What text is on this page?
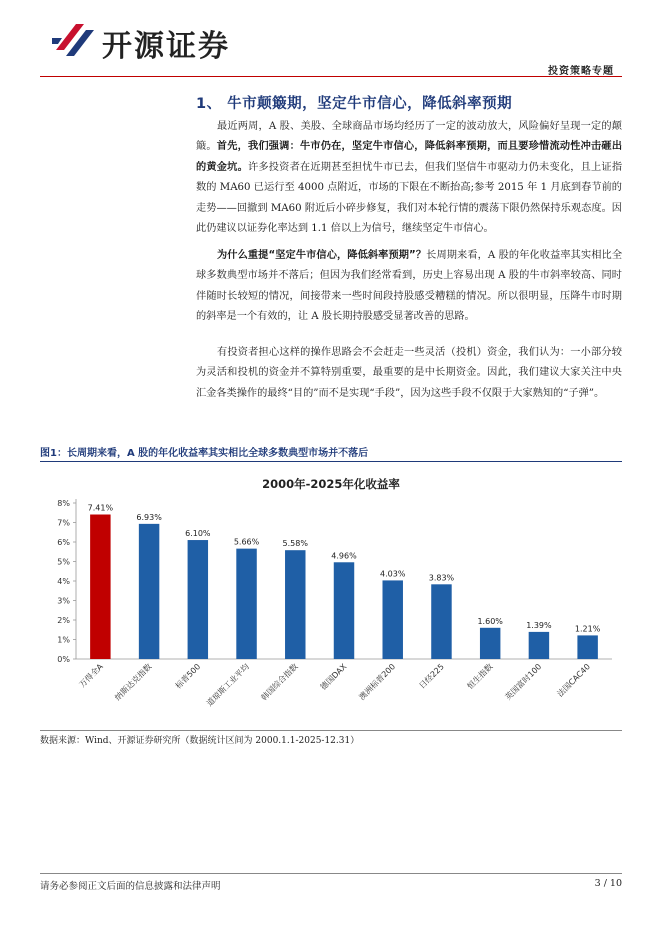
开源证券
投资策略专题
1、 牛市颠簸期，坚定牛市信心，降低斜率预期

最近两周，A 股、美股、全球商品市场均经历了一定的波动放大，风险偏好呈现一定的颠簸。首先，我们强调：牛市仍在，坚定牛市信心，降低斜率预期，而且要珍惜流动性冲击砸出的黄金坑。许多投资者在近期甚至担忧牛市已去，但我们坚信牛市驱动力仍未变化，且上证指数的 MA60 已运行至 4000 点附近，市场的下限在不断抬高;参考 2015 年 1 月底到春节前的走势——回撤到 MA60 附近后小碎步修复，我们对本轮行情的震荡下限仍然保持乐观态度。因此仍建议以证券化率达到 1.1 倍以上为信号，继续坚定牛市信心。

为什么重提“坚定牛市信心，降低斜率预期”？长周期来看，A 股的年化收益率其实相比全球多数典型市场并不落后；但因为我们经常看到，历史上容易出现 A 股的牛市斜率较高、同时伴随时长较短的情况，间接带来一些时间段持股感受糟糕的情况。所以很明显，压降牛市时期的斜率是一个有效的，让 A 股长期持股感受显著改善的思路。

有投资者担心这样的操作思路会不会赶走一些灵活（投机）资金，我们认为：一小部分较为灵活和投机的资金并不算特别重要，最重要的是中长期资金。因此，我们建议大家关注中央汇金各类操作的最终“目的”而不是实现“手段”，因为这些手段不仅限于大家熟知的“子弹”。

图1：长周期来看，A 股的年化收益率其实相比全球多数典型市场并不落后
2000年-2025年化收益率
0%
1%
2%
3%
4%
5%
6%
7%
8%
7.41%
万得全A
6.93%
纳斯达克指数
6.10%
标普500
5.66%
道琼斯工业平均
5.58%
韩国综合指数
4.96%
德国DAX
4.03%
澳洲标普200
3.83%
日经225
1.60%
恒生指数
1.39%
英国富时100
1.21%
法国CAC40
数据来源：Wind、开源证券研究所（数据统计区间为 2000.1.1-2025-12.31）
请务必参阅正文后面的信息披露和法律声明	3 / 10
